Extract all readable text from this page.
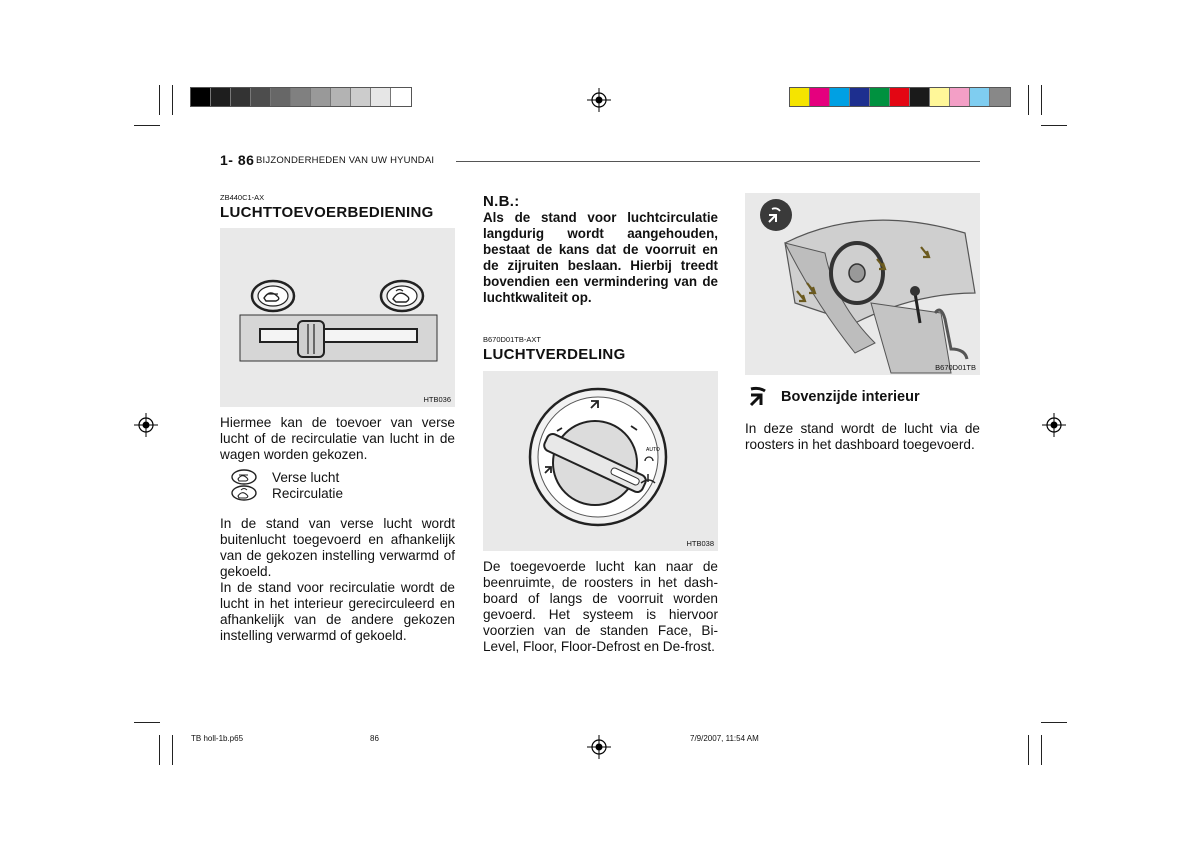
1- 86 BIJZONDERHEDEN VAN UW HYUNDAI
ZB440C1-AX
LUCHTTOEVOERBEDIENING
HTB036
Hiermee kan de toevoer van verse lucht of de recirculatie van lucht in de wagen worden gekozen.
Verse lucht
Recirculatie
In de stand van verse lucht wordt buitenlucht toegevoerd en afhankelijk van de gekozen instelling verwarmd of gekoeld.
In de stand voor recirculatie wordt de lucht in het interieur gerecirculeerd en afhankelijk van de andere gekozen instelling verwarmd of gekoeld.
N.B.:
Als de stand voor luchtcirculatie langdurig wordt aangehouden, bestaat de kans dat de voorruit en de zijruiten beslaan. Hierbij treedt bovendien een vermindering van de luchtkwaliteit op.
B670D01TB-AXT
LUCHTVERDELING
AUTO
HTB038
De toegevoerde lucht kan naar de beenruimte, de roosters in het dash-board of langs de voorruit worden gevoerd. Het systeem is hiervoor voorzien van de standen Face, Bi-Level, Floor, Floor-Defrost en De-frost.
B670D01TB
Bovenzijde interieur
In deze stand wordt de lucht via de roosters in het dashboard toegevoerd.
TB holl-1b.p65	86	7/9/2007, 11:54 AM
